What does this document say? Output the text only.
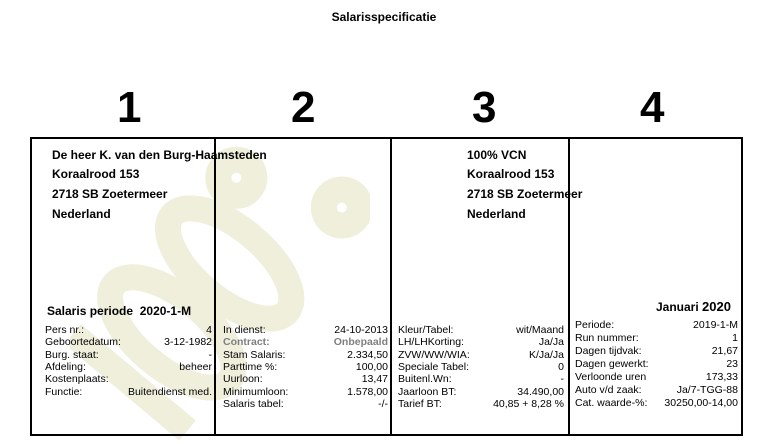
Salarisspecificatie
1	2	3	4
De heer K. van den Burg-Haamsteden
Koraalrood 153
2718 SB Zoetermeer
Nederland
100% VCN
Koraalrood 153
2718 SB Zoetermeer
Nederland
Salaris periode 2020-1-M	Januari 2020
Pers nr.:	4
Geboortedatum:	3-12-1982
Burg. staat:	-
Afdeling:	beheer
Kostenplaats:
Functie:	Buitendienst med.
In dienst:	24-10-2013
Contract:	Onbepaald
Stam Salaris:	2.334,50
Parttime %:	100,00
Uurloon:	13,47
Minimumloon:	1.578,00
Salaris tabel:	-/-
Kleur/Tabel:	wit/Maand
LH/LHKorting:	Ja/Ja
ZVW/WW/WIA:	K/Ja/Ja
Speciale Tabel:	0
Buitenl.Wn:	-
Jaarloon BT:	34.490,00
Tarief BT:	40,85 + 8,28 %
Periode:	2019-1-M
Run nummer:	1
Dagen tijdvak:	21,67
Dagen gewerkt:	23
Verloonde uren	173,33
Auto v/d zaak:	Ja/7-TGG-88
Cat. waarde-%: 30250,00-14,00
